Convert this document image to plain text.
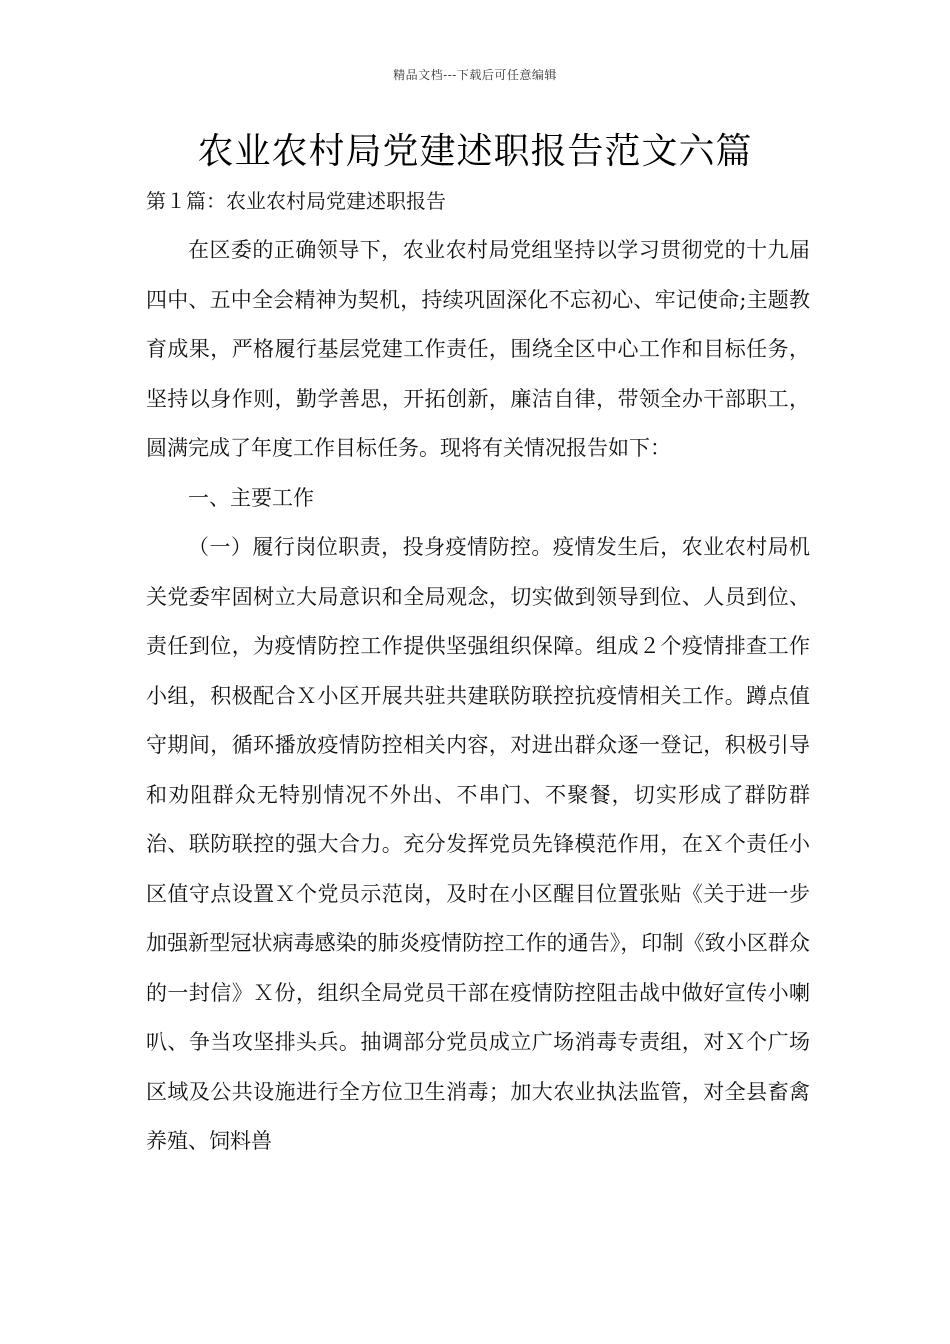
精品文档---下载后可任意编辑
农业农村局党建述职报告范文六篇
第１篇：农业农村局党建述职报告

在区委的正确领导下，农业农村局党组坚持以学习贯彻党的十九届四中、五中全会精神为契机，持续巩固深化不忘初心、牢记使命;主题教育成果，严格履行基层党建工作责任，围绕全区中心工作和目标任务，坚持以身作则，勤学善思，开拓创新，廉洁自律，带领全办干部职工，圆满完成了年度工作目标任务。现将有关情况报告如下：

一、主要工作

（一）履行岗位职责，投身疫情防控。疫情发生后，农业农村局机关党委牢固树立大局意识和全局观念，切实做到领导到位、人员到位、责任到位，为疫情防控工作提供坚强组织保障。组成２个疫情排查工作小组，积极配合Ｘ小区开展共驻共建联防联控抗疫情相关工作。蹲点值守期间，循环播放疫情防控相关内容，对进出群众逐一登记，积极引导和劝阻群众无特别情况不外出、不串门、不聚餐，切实形成了群防群治、联防联控的强大合力。充分发挥党员先锋模范作用，在Ｘ个责任小区值守点设置Ｘ个党员示范岗，及时在小区醒目位置张贴《关于进一步加强新型冠状病毒感染的肺炎疫情防控工作的通告》，印制《致小区群众的一封信》Ｘ份，组织全局党员干部在疫情防控阻击战中做好宣传小喇叭、争当攻坚排头兵。抽调部分党员成立广场消毒专责组，对Ｘ个广场区域及公共设施进行全方位卫生消毒；加大农业执法监管，对全县畜禽养殖、饲料兽
